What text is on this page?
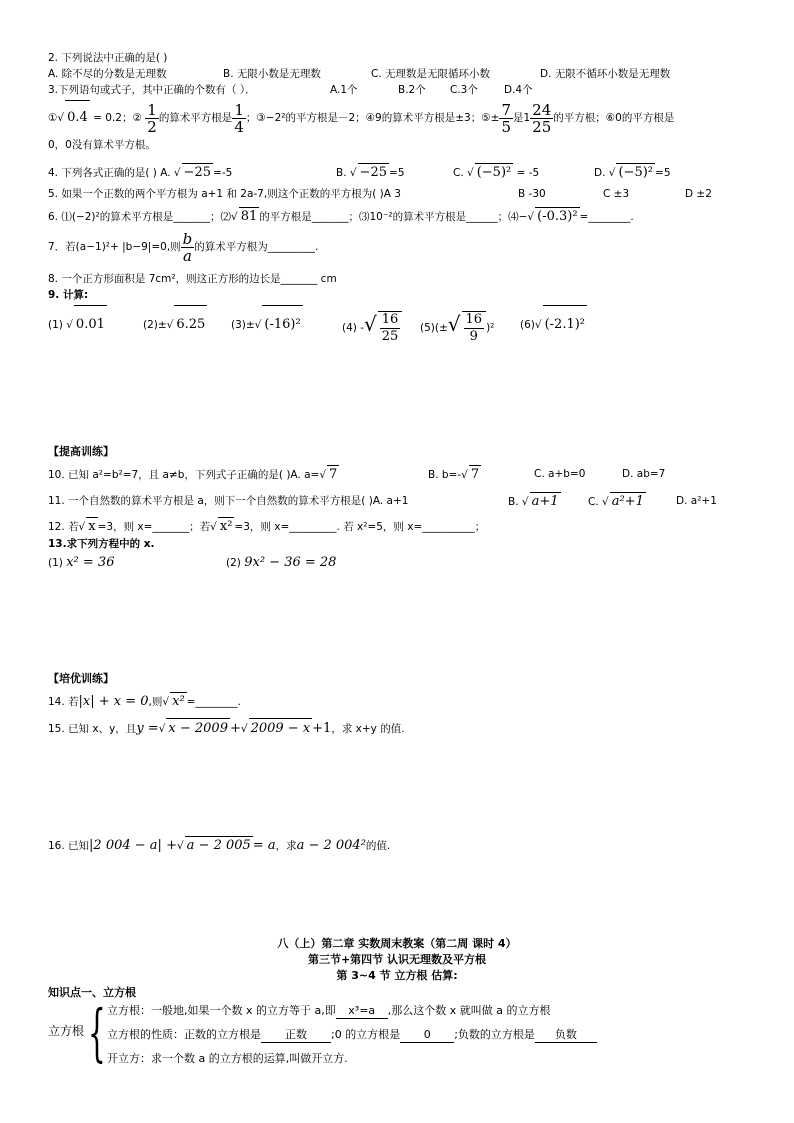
2. 下列说法中正确的是( )
A. 除不尽的分数是无理数	B. 无限小数是无理数	C. 无理数是无限循环小数	D. 无限不循环小数是无理数
3.下列语句或式子，其中正确的个数有（ ）．	A.1个	B.2个 C.3个 D.4个
①√ 0.4 = 0.2；② $\frac{1}{2}$ 的算术平方根是 $\frac{1}{4}$ ；③−2²的平方根是－2；④9的算术平方根是±3；⑤± $\frac{7}{5}$ 是$1 \frac{24}{25}$ 的平方根；⑥0的平方根是
0，0没有算术平方根。
4. 下列各式正确的是( ) A. √ −25 =-5	B. √ −25 =5	C. √ (−5)² = -5	D. √ (−5)² =5
5. 如果一个正数的两个平方根为 a+1 和 2a-7,则这个正数的平方根为( )A 3	B -30	C ±3	D ±2
6. ⑴(−2)²的算术平方根是_______；⑵√ 81 的平方根是_______；⑶10⁻²的算术平方根是______；⑷−√ (-0.3)² =________.
7．若(a−1)²+ |b−9|=0,则 $\frac{b}{a}$ 的算术平方根为_________.
8. 一个正方形面积是 7cm²，则这正方形的边长是_______ cm
9. 计算:
(1) √ 0.01	(2)±√ 6.25 (3)±√ (-16)²	(4) -√ $\frac{16}{25} (5)(\pm√ \frac{16}{9} )^2$ (6)√ (-2.1)²
【提高训练】
10. 已知 a²=b²=7，且 a≠b，下列式子正确的是( )A. a=√ 7	B. b=-√ 7	C. a+b=0	D. ab=7
11. 一个自然数的算术平方根是 a，则下一个自然数的算术平方根是( )A. a+1	B. √ a+1	C. √ a²+1	D. a²+1
12. 若√ x =3，则 x=_______；若√ x² =3，则 x=_________. 若 x²=5，则 x=__________；
13.求下列方程中的 x.
(1) x² = 36	(2) 9x² − 36 = 28
【培优训练】
14. 若|x| + x = 0,则√ x² =________.
15. 已知 x、y，且y =√ x − 2009 +√ 2009 − x +1，求 x+y 的值.
16. 已知|2 004 − a| +√ a − 2 005 = a，求a − 2 004²的值.
八（上）第二章 实数周末教案（第二周 课时 4）
第三节+第四节 认识无理数及平方根
第 3~4 节 立方根 估算:
知识点一、立方根
立方根 { 立方根：一般地,如果一个数 x 的立方等于 a,即 x³=a ,那么这个数 x 就叫做 a 的立方根
立方根的性质：正数的立方根是 正数 ;0 的立方根是 0 ;负数的立方根是 负数
开立方：求一个数 a 的立方根的运算,叫做开立方.
